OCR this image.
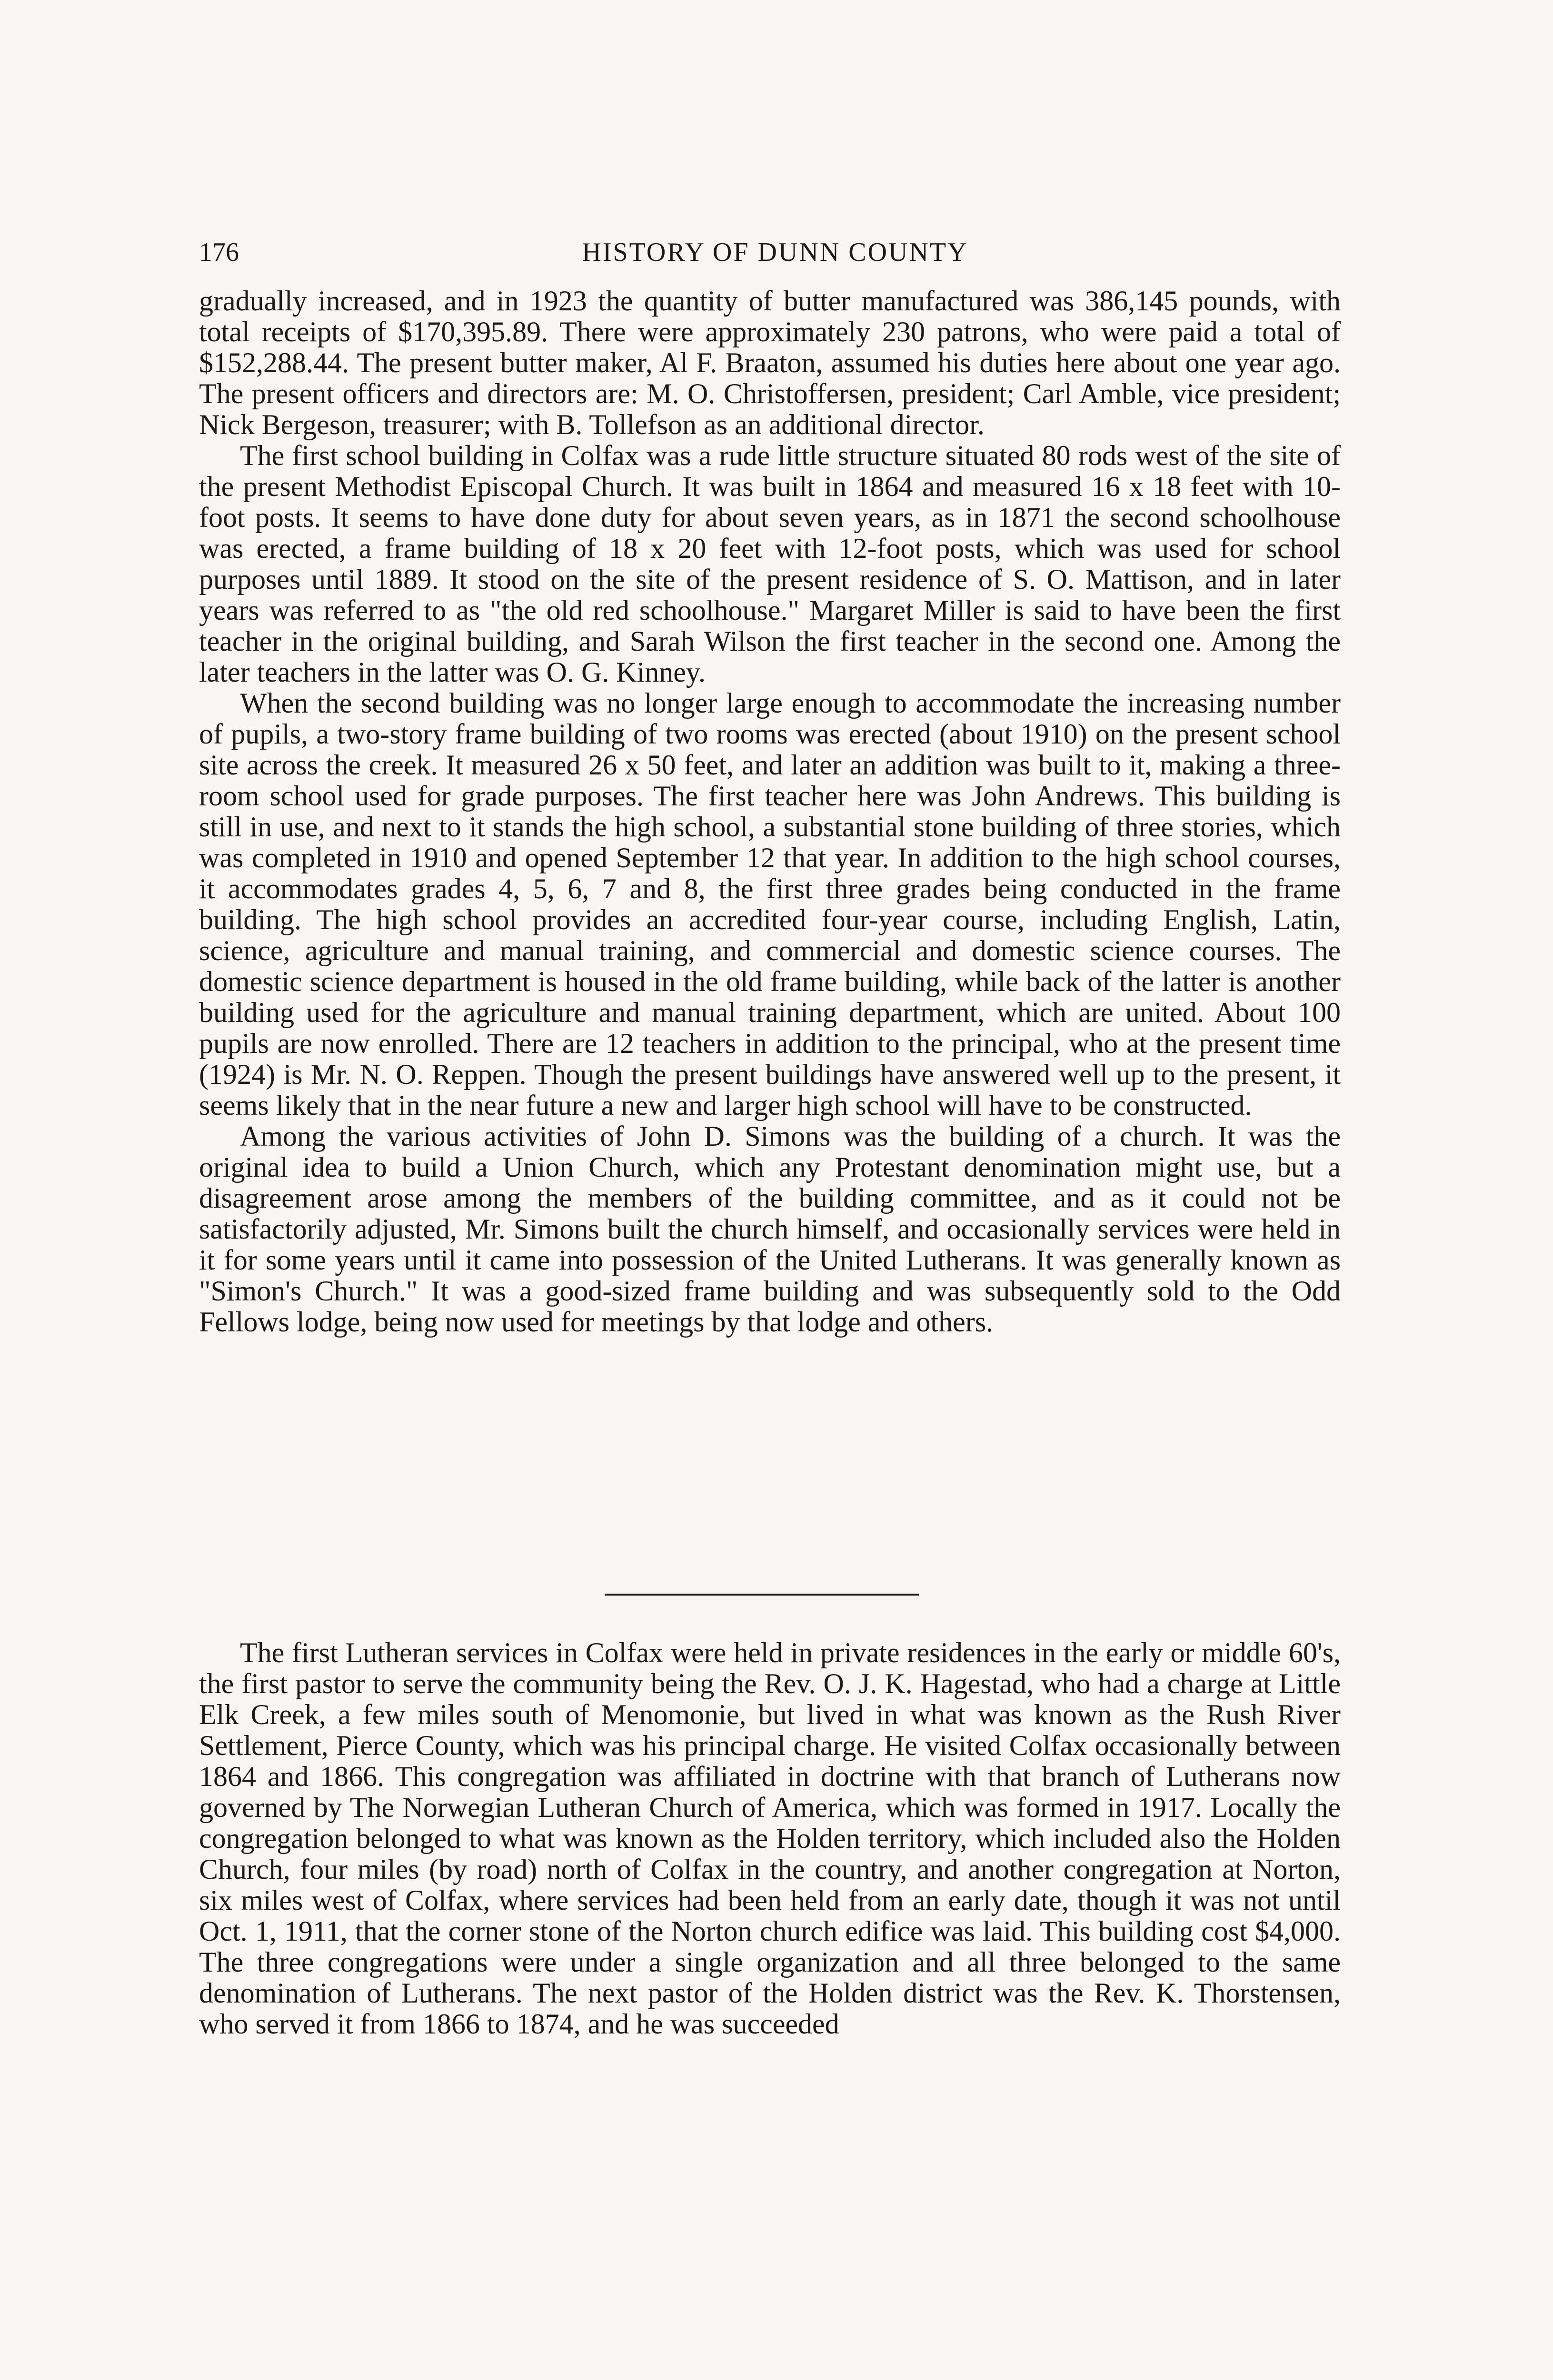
176	HISTORY OF DUNN COUNTY

gradually increased, and in 1923 the quantity of butter manufactured was 386,145 pounds, with total receipts of $170,395.89. There were approximately 230 patrons, who were paid a total of $152,288.44. The present butter maker, Al F. Braaton, assumed his duties here about one year ago. The present officers and directors are: M. O. Christoffersen, president; Carl Amble, vice president; Nick Bergeson, treasurer; with B. Tollefson as an additional director.

The first school building in Colfax was a rude little structure situated 80 rods west of the site of the present Methodist Episcopal Church. It was built in 1864 and measured 16 x 18 feet with 10-foot posts. It seems to have done duty for about seven years, as in 1871 the second schoolhouse was erected, a frame building of 18 x 20 feet with 12-foot posts, which was used for school purposes until 1889. It stood on the site of the present residence of S. O. Mattison, and in later years was referred to as "the old red schoolhouse." Margaret Miller is said to have been the first teacher in the original building, and Sarah Wilson the first teacher in the second one. Among the later teachers in the latter was O. G. Kinney.

When the second building was no longer large enough to accommodate the increasing number of pupils, a two-story frame building of two rooms was erected (about 1910) on the present school site across the creek. It measured 26 x 50 feet, and later an addition was built to it, making a three-room school used for grade purposes. The first teacher here was John Andrews. This building is still in use, and next to it stands the high school, a substantial stone building of three stories, which was completed in 1910 and opened September 12 that year. In addition to the high school courses, it accommodates grades 4, 5, 6, 7 and 8, the first three grades being conducted in the frame building. The high school provides an accredited four-year course, including English, Latin, science, agriculture and manual training, and commercial and domestic science courses. The domestic science department is housed in the old frame building, while back of the latter is another building used for the agriculture and manual training department, which are united. About 100 pupils are now enrolled. There are 12 teachers in addition to the principal, who at the present time (1924) is Mr. N. O. Reppen. Though the present buildings have answered well up to the present, it seems likely that in the near future a new and larger high school will have to be constructed.

Among the various activities of John D. Simons was the building of a church. It was the original idea to build a Union Church, which any Protestant denomination might use, but a disagreement arose among the members of the building committee, and as it could not be satisfactorily adjusted, Mr. Simons built the church himself, and occasionally services were held in it for some years until it came into possession of the United Lutherans. It was generally known as "Simon's Church." It was a good-sized frame building and was subsequently sold to the Odd Fellows lodge, being now used for meetings by that lodge and others.

The first Lutheran services in Colfax were held in private residences in the early or middle 60's, the first pastor to serve the community being the Rev. O. J. K. Hagestad, who had a charge at Little Elk Creek, a few miles south of Menomonie, but lived in what was known as the Rush River Settlement, Pierce County, which was his principal charge. He visited Colfax occasionally between 1864 and 1866. This congregation was affiliated in doctrine with that branch of Lutherans now governed by The Norwegian Lutheran Church of America, which was formed in 1917. Locally the congregation belonged to what was known as the Holden territory, which included also the Holden Church, four miles (by road) north of Colfax in the country, and another congregation at Norton, six miles west of Colfax, where services had been held from an early date, though it was not until Oct. 1, 1911, that the corner stone of the Norton church edifice was laid. This building cost $4,000. The three congregations were under a single organization and all three belonged to the same denomination of Lutherans. The next pastor of the Holden district was the Rev. K. Thorstensen, who served it from 1866 to 1874, and he was succeeded
